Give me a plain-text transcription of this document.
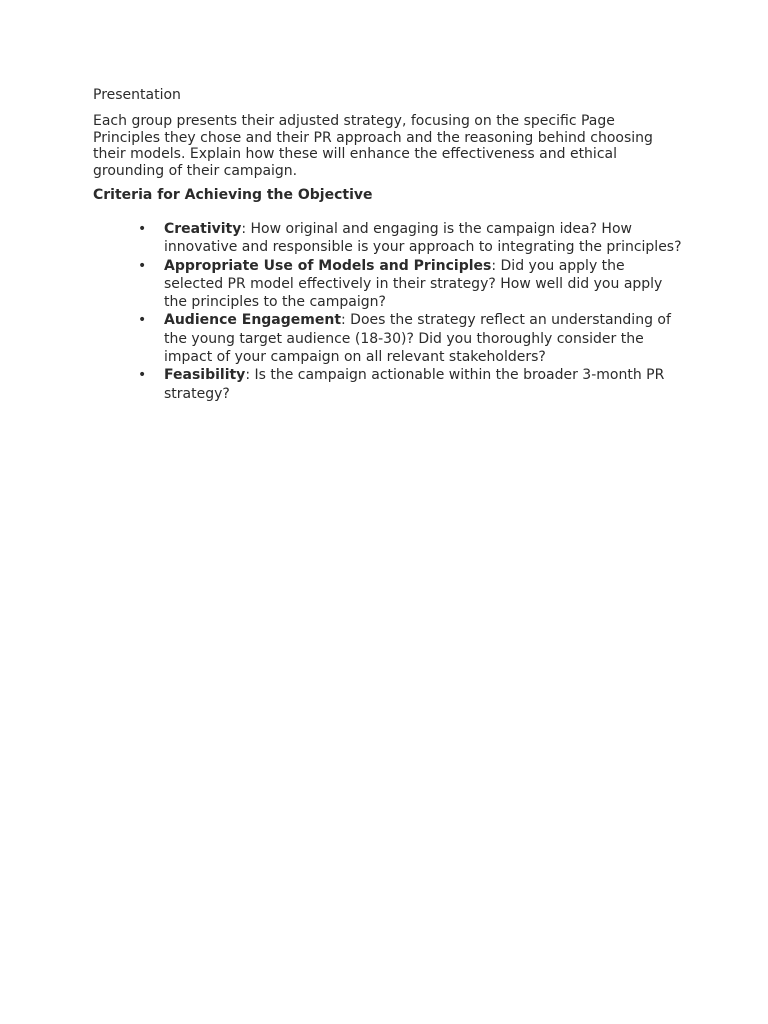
Presentation

Each group presents their adjusted strategy, focusing on the specific Page Principles they chose and their PR approach and the reasoning behind choosing their models. Explain how these will enhance the effectiveness and ethical grounding of their campaign.

Criteria for Achieving the Objective
• Creativity: How original and engaging is the campaign idea? How innovative and responsible is your approach to integrating the principles?
• Appropriate Use of Models and Principles: Did you apply the selected PR model effectively in their strategy? How well did you apply the principles to the campaign?
• Audience Engagement: Does the strategy reflect an understanding of the young target audience (18-30)? Did you thoroughly consider the impact of your campaign on all relevant stakeholders?
• Feasibility: Is the campaign actionable within the broader 3-month PR strategy?
